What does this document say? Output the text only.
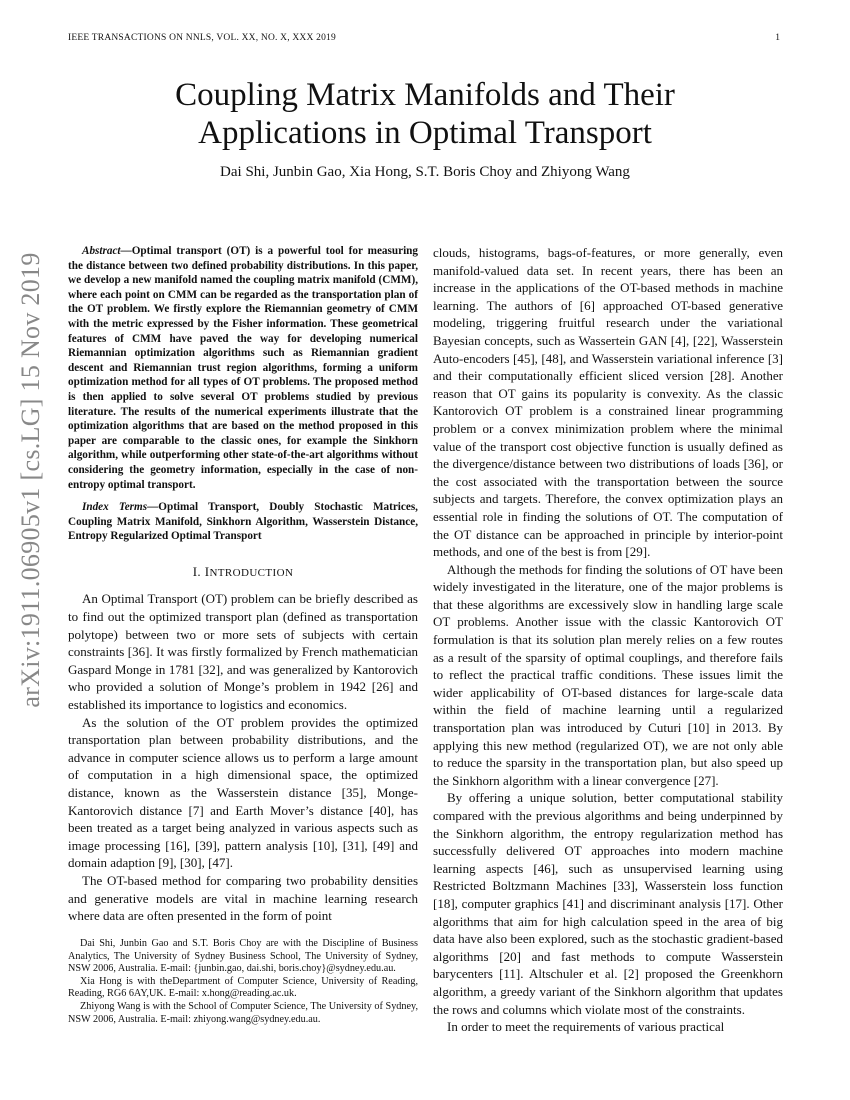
IEEE TRANSACTIONS ON NNLS, VOL. XX, NO. X, XXX 2019	1
arXiv:1911.06905v1 [cs.LG] 15 Nov 2019
Coupling Matrix Manifolds and Their
Applications in Optimal Transport
Dai Shi, Junbin Gao, Xia Hong, S.T. Boris Choy and Zhiyong Wang

Abstract—Optimal transport (OT) is a powerful tool for measuring the distance between two defined probability distributions. In this paper, we develop a new manifold named the coupling matrix manifold (CMM), where each point on CMM can be regarded as the transportation plan of the OT problem. We firstly explore the Riemannian geometry of CMM with the metric expressed by the Fisher information. These geometrical features of CMM have paved the way for developing numerical Riemannian optimization algorithms such as Riemannian gradient descent and Riemannian trust region algorithms, forming a uniform optimization method for all types of OT problems. The proposed method is then applied to solve several OT problems studied by previous literature. The results of the numerical experiments illustrate that the optimization algorithms that are based on the method proposed in this paper are comparable to the classic ones, for example the Sinkhorn algorithm, while outperforming other state-of-the-art algorithms without considering the geometry information, especially in the case of non-entropy optimal transport.

Index Terms—Optimal Transport, Doubly Stochastic Matrices, Coupling Matrix Manifold, Sinkhorn Algorithm, Wasserstein Distance, Entropy Regularized Optimal Transport

I. INTRODUCTION

An Optimal Transport (OT) problem can be briefly described as to find out the optimized transport plan (defined as transportation polytope) between two or more sets of subjects with certain constraints [36]. It was firstly formalized by French mathematician Gaspard Monge in 1781 [32], and was generalized by Kantorovich who provided a solution of Monge’s problem in 1942 [26] and established its importance to logistics and economics.

As the solution of the OT problem provides the optimized transportation plan between probability distributions, and the advance in computer science allows us to perform a large amount of computation in a high dimensional space, the optimized distance, known as the Wasserstein distance [35], Monge-Kantorovich distance [7] and Earth Mover’s distance [40], has been treated as a target being analyzed in various aspects such as image processing [16], [39], pattern analysis [10], [31], [49] and domain adaption [9], [30], [47].

The OT-based method for comparing two probability densities and generative models are vital in machine learning research where data are often presented in the form of point

Dai Shi, Junbin Gao and S.T. Boris Choy are with the Discipline of Business Analytics, The University of Sydney Business School, The University of Sydney, NSW 2006, Australia. E-mail: {junbin.gao, dai.shi, boris.choy}@sydney.edu.au.

Xia Hong is with theDepartment of Computer Science, University of Reading, Reading, RG6 6AY,UK. E-mail: x.hong@reading.ac.uk.

Zhiyong Wang is with the School of Computer Science, The University of Sydney, NSW 2006, Australia. E-mail: zhiyong.wang@sydney.edu.au.

clouds, histograms, bags-of-features, or more generally, even manifold-valued data set. In recent years, there has been an increase in the applications of the OT-based methods in machine learning. The authors of [6] approached OT-based generative modeling, triggering fruitful research under the variational Bayesian concepts, such as Wassertein GAN [4], [22], Wasserstein Auto-encoders [45], [48], and Wasserstein variational inference [3] and their computationally efficient sliced version [28]. Another reason that OT gains its popularity is convexity. As the classic Kantorovich OT problem is a constrained linear programming problem or a convex minimization problem where the minimal value of the transport cost objective function is usually defined as the divergence/distance between two distributions of loads [36], or the cost associated with the transportation between the source subjects and targets. Therefore, the convex optimization plays an essential role in finding the solutions of OT. The computation of the OT distance can be approached in principle by interior-point methods, and one of the best is from [29].

Although the methods for finding the solutions of OT have been widely investigated in the literature, one of the major problems is that these algorithms are excessively slow in handling large scale OT problems. Another issue with the classic Kantorovich OT formulation is that its solution plan merely relies on a few routes as a result of the sparsity of optimal couplings, and therefore fails to reflect the practical traffic conditions. These issues limit the wider applicability of OT-based distances for large-scale data within the field of machine learning until a regularized transportation plan was introduced by Cuturi [10] in 2013. By applying this new method (regularized OT), we are not only able to reduce the sparsity in the transportation plan, but also speed up the Sinkhorn algorithm with a linear convergence [27].

By offering a unique solution, better computational stability compared with the previous algorithms and being underpinned by the Sinkhorn algorithm, the entropy regularization method has successfully delivered OT approaches into modern machine learning aspects [46], such as unsupervised learning using Restricted Boltzmann Machines [33], Wasserstein loss function [18], computer graphics [41] and discriminant analysis [17]. Other algorithms that aim for high calculation speed in the area of big data have also been explored, such as the stochastic gradient-based algorithms [20] and fast methods to compute Wasserstein barycenters [11]. Altschuler et al. [2] proposed the Greenkhorn algorithm, a greedy variant of the Sinkhorn algorithm that updates the rows and columns which violate most of the constraints.

In order to meet the requirements of various practical
